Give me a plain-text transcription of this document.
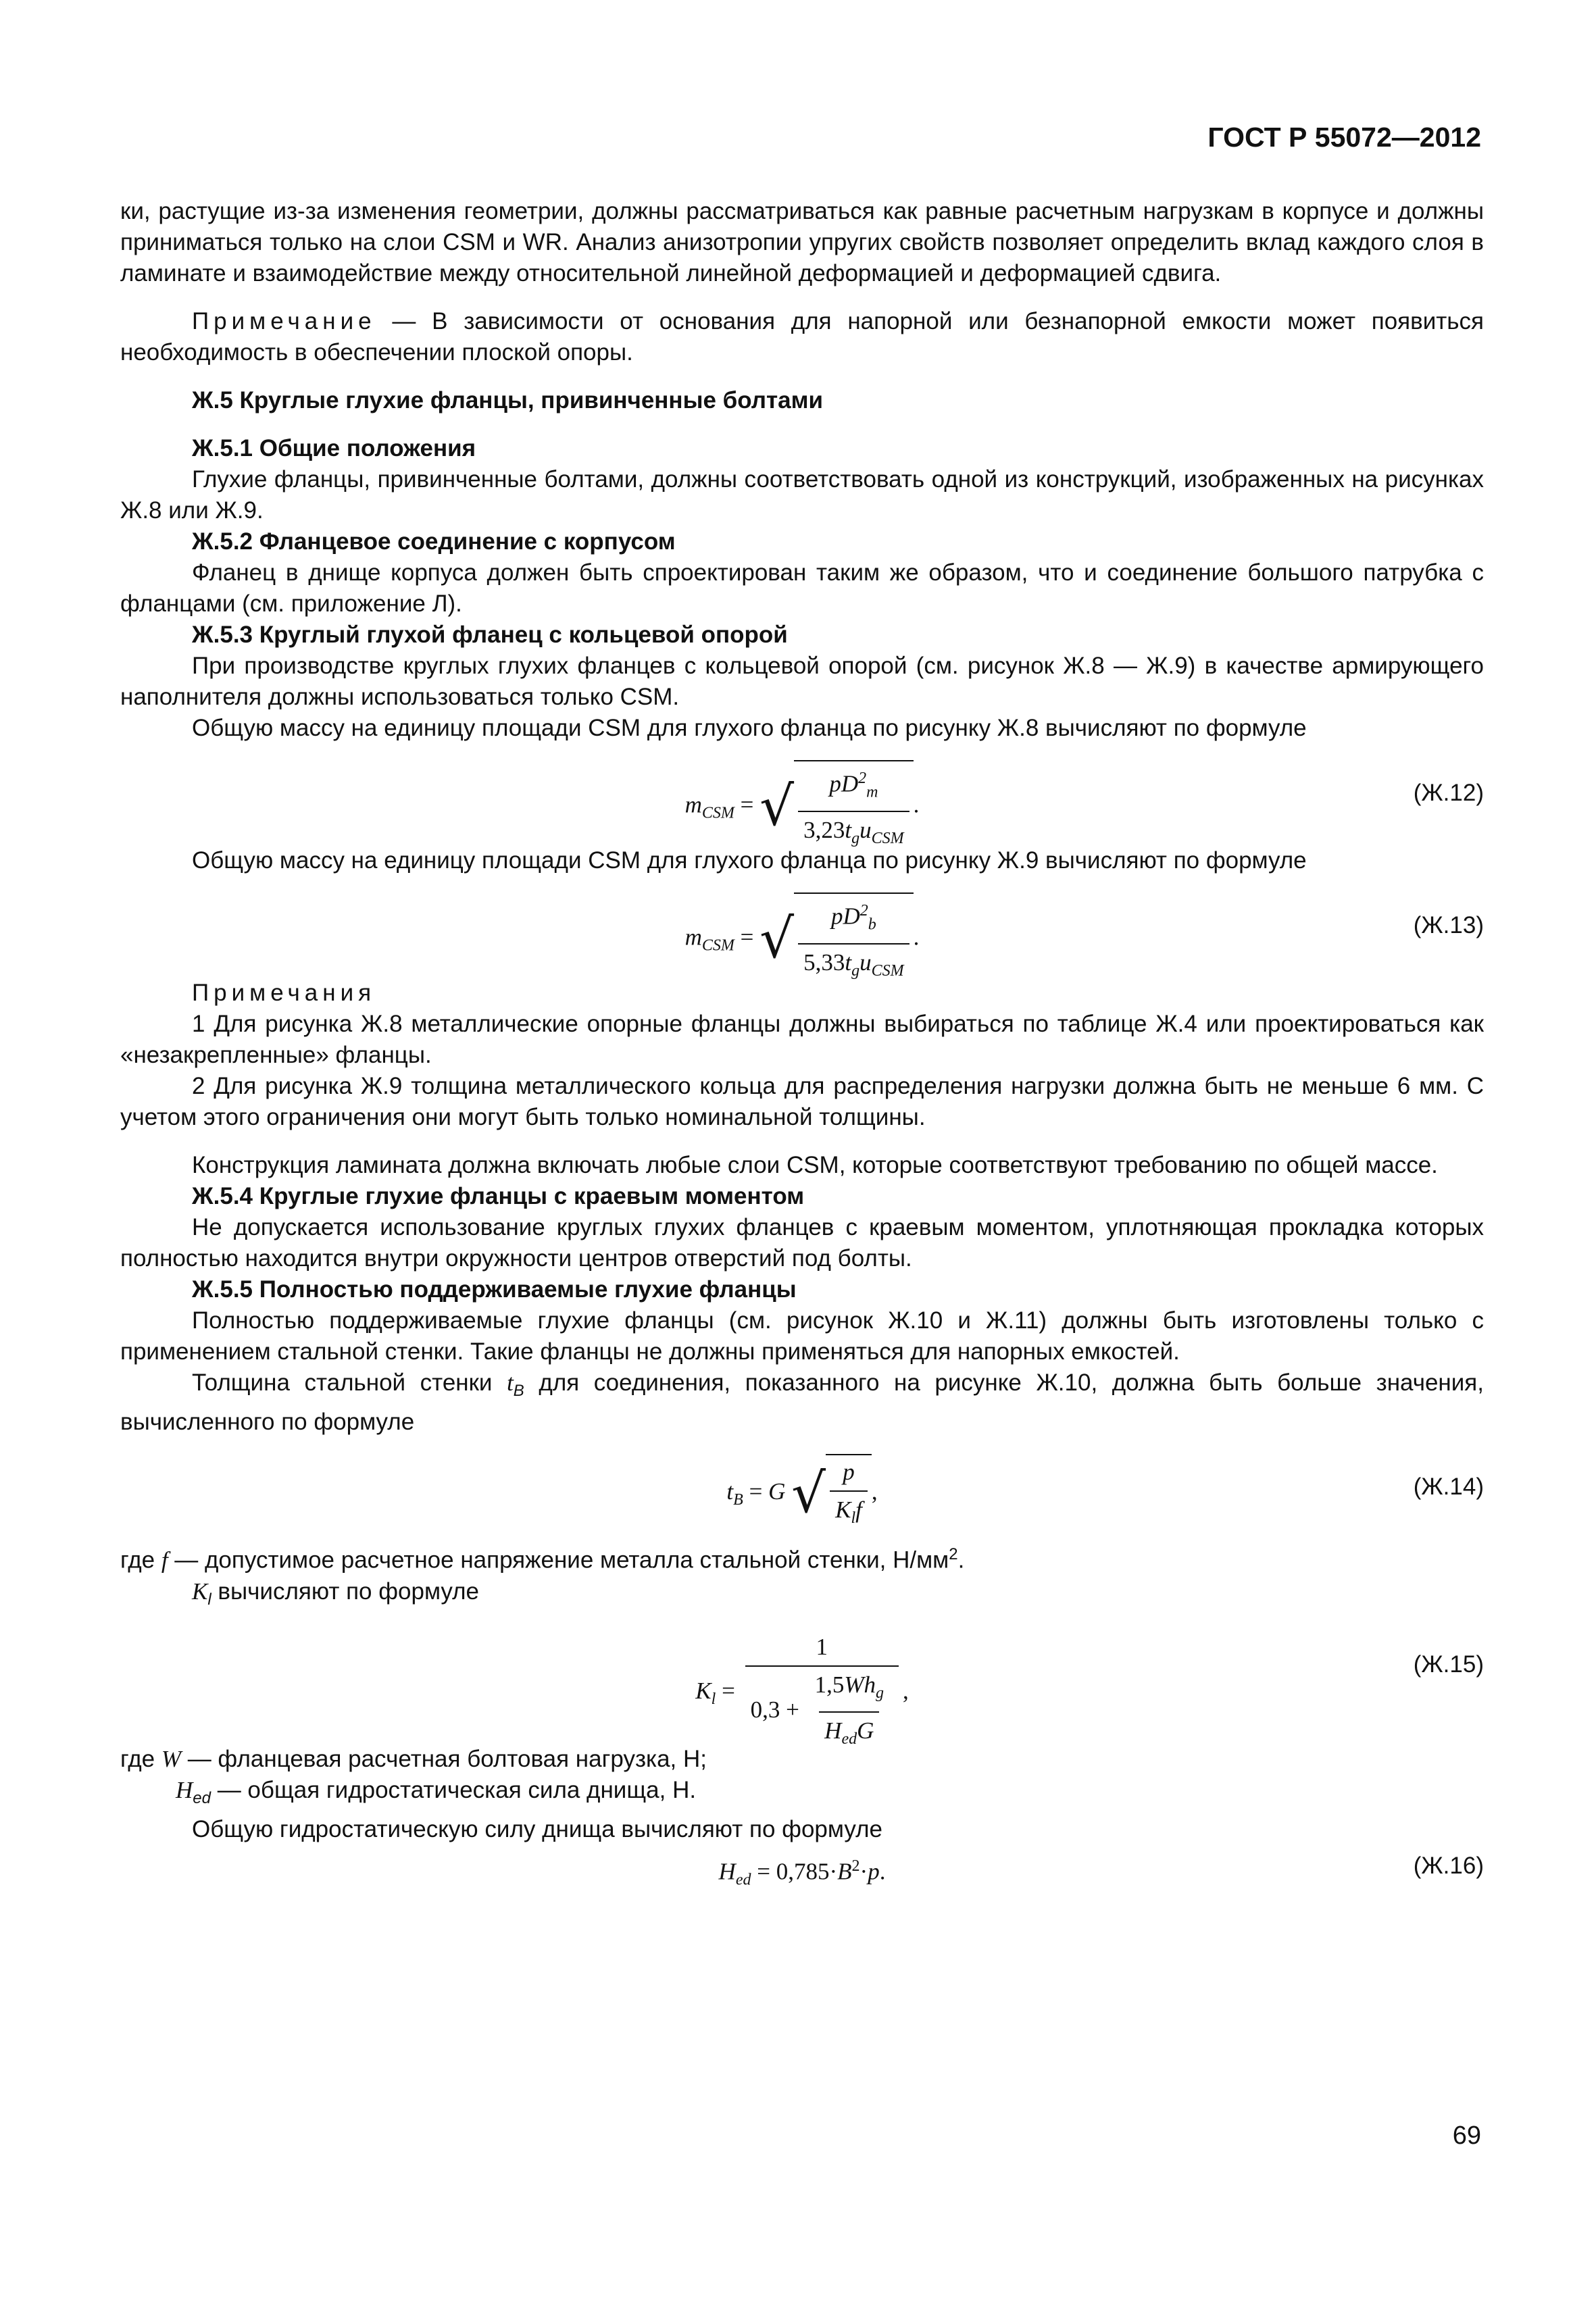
ГОСТ Р 55072—2012

ки, растущие из-за изменения геометрии, должны рассматриваться как равные расчетным нагрузкам в корпусе и должны приниматься только на слои CSM и WR. Анализ анизотропии упругих свойств позволяет определить вклад каждого слоя в ламинате и взаимодействие между относительной линейной деформацией и деформацией сдвига.

Примечание — В зависимости от основания для напорной или безнапорной емкости может появиться необходимость в обеспечении плоской опоры.

Ж.5 Круглые глухие фланцы, привинченные болтами

Ж.5.1 Общие положения

Глухие фланцы, привинченные болтами, должны соответствовать одной из конструкций, изображенных на рисунках Ж.8 или Ж.9.

Ж.5.2 Фланцевое соединение с корпусом

Фланец в днище корпуса должен быть спроектирован таким же образом, что и соединение большого патрубка с фланцами (см. приложение Л).

Ж.5.3 Круглый глухой фланец с кольцевой опорой

При производстве круглых глухих фланцев с кольцевой опорой (см. рисунок Ж.8 — Ж.9) в качестве армирующего наполнителя должны использоваться только CSM.

Общую массу на единицу площади CSM для глухого фланца по рисунку Ж.8 вычисляют по формуле

$m_{CSM}$ = √ $\frac{pD^2_m}{3,23t_gu_{CSM}}$ .	(Ж.12)

Общую массу на единицу площади CSM для глухого фланца по рисунку Ж.9 вычисляют по формуле

$m_{CSM}$ = √ $\frac{pD^2_b}{5,33t_gu_{CSM}}$ .	(Ж.13)

Примечания

1 Для рисунка Ж.8 металлические опорные фланцы должны выбираться по таблице Ж.4 или проектироваться как «незакрепленные» фланцы.

2 Для рисунка Ж.9 толщина металлического кольца для распределения нагрузки должна быть не меньше 6 мм. С учетом этого ограничения они могут быть только номинальной толщины.

Конструкция ламината должна включать любые слои CSM, которые соответствуют требованию по общей массе.

Ж.5.4 Круглые глухие фланцы с краевым моментом

Не допускается использование круглых глухих фланцев с краевым моментом, уплотняющая прокладка которых полностью находится внутри окружности центров отверстий под болты.

Ж.5.5 Полностью поддерживаемые глухие фланцы

Полностью поддерживаемые глухие фланцы (см. рисунок Ж.10 и Ж.11) должны быть изготовлены только с применением стальной стенки. Такие фланцы не должны применяться для напорных емкостей.

Толщина стальной стенки $t_B$ для соединения, показанного на рисунке Ж.10, должна быть больше значения, вычисленного по формуле

$t_B = G$ √ $\frac{p}{K_lf}$ ,	(Ж.14)

где f — допустимое расчетное напряжение металла стальной стенки, $Н/мм^2$.

$K_l$ вычисляют по формуле

$K_l = \frac{1}{0,3 + \frac{1,5Wh_g}{H_{ed}G}}$ ,
(Ж.15)

где W — фланцевая расчетная болтовая нагрузка, Н;

$H_{ed}$ — общая гидростатическая сила днища, Н.

Общую гидростатическую силу днища вычисляют по формуле

$H_{ed} = 0,785\cdot B^2\cdot p$.	(Ж.16)
69
